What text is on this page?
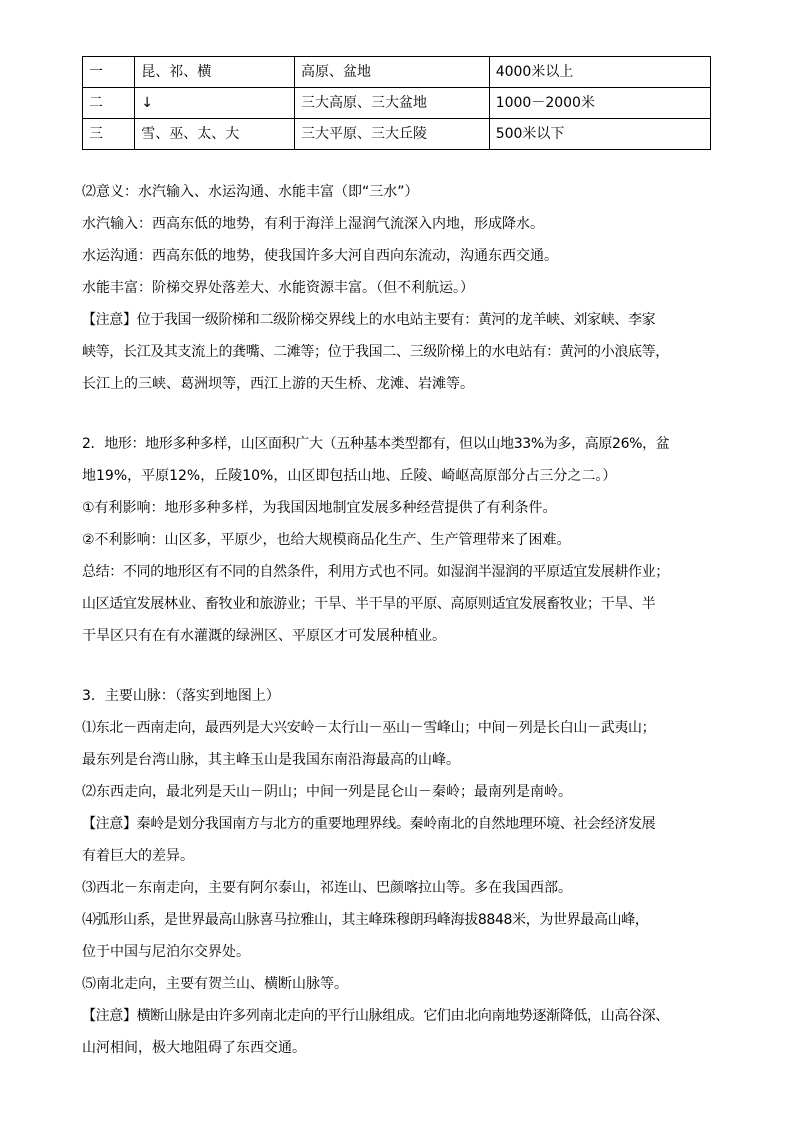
一	昆、祁、横	高原、盆地	4000米以上
二	↓	三大高原、三大盆地	1000－2000米
三	雪、巫、太、大	三大平原、三大丘陵	500米以下
⑵意义：水汽输入、水运沟通、水能丰富（即“三水”）
水汽输入：西高东低的地势，有利于海洋上湿润气流深入内地，形成降水。
水运沟通：西高东低的地势，使我国许多大河自西向东流动，沟通东西交通。
水能丰富：阶梯交界处落差大、水能资源丰富。（但不利航运。）
【注意】位于我国一级阶梯和二级阶梯交界线上的水电站主要有：黄河的龙羊峡、刘家峡、李家
峡等，长江及其支流上的龚嘴、二滩等；位于我国二、三级阶梯上的水电站有：黄河的小浪底等，
长江上的三峡、葛洲坝等，西江上游的天生桥、龙滩、岩滩等。
2．地形：地形多种多样，山区面积广大（五种基本类型都有，但以山地33%为多，高原26%，盆
地19%，平原12%，丘陵10%，山区即包括山地、丘陵、崎岖高原部分占三分之二。）
①有利影响：地形多种多样，为我国因地制宜发展多种经营提供了有利条件。
②不利影响：山区多，平原少，也给大规模商品化生产、生产管理带来了困难。
总结：不同的地形区有不同的自然条件，利用方式也不同。如湿润半湿润的平原适宜发展耕作业；
山区适宜发展林业、畜牧业和旅游业；干旱、半干旱的平原、高原则适宜发展畜牧业；干旱、半
干旱区只有在有水灌溉的绿洲区、平原区才可发展种植业。
3．主要山脉：（落实到地图上）
⑴东北－西南走向，最西列是大兴安岭－太行山－巫山－雪峰山；中间－列是长白山－武夷山；
最东列是台湾山脉，其主峰玉山是我国东南沿海最高的山峰。
⑵东西走向，最北列是天山－阴山；中间一列是昆仑山－秦岭；最南列是南岭。
【注意】秦岭是划分我国南方与北方的重要地理界线。秦岭南北的自然地理环境、社会经济发展
有着巨大的差异。
⑶西北－东南走向，主要有阿尔泰山，祁连山、巴颜喀拉山等。多在我国西部。
⑷弧形山系，是世界最高山脉喜马拉雅山，其主峰珠穆朗玛峰海拔8848米，为世界最高山峰，
位于中国与尼泊尔交界处。
⑸南北走向，主要有贺兰山、横断山脉等。
【注意】横断山脉是由许多列南北走向的平行山脉组成。它们由北向南地势逐渐降低，山高谷深、
山河相间，极大地阻碍了东西交通。
